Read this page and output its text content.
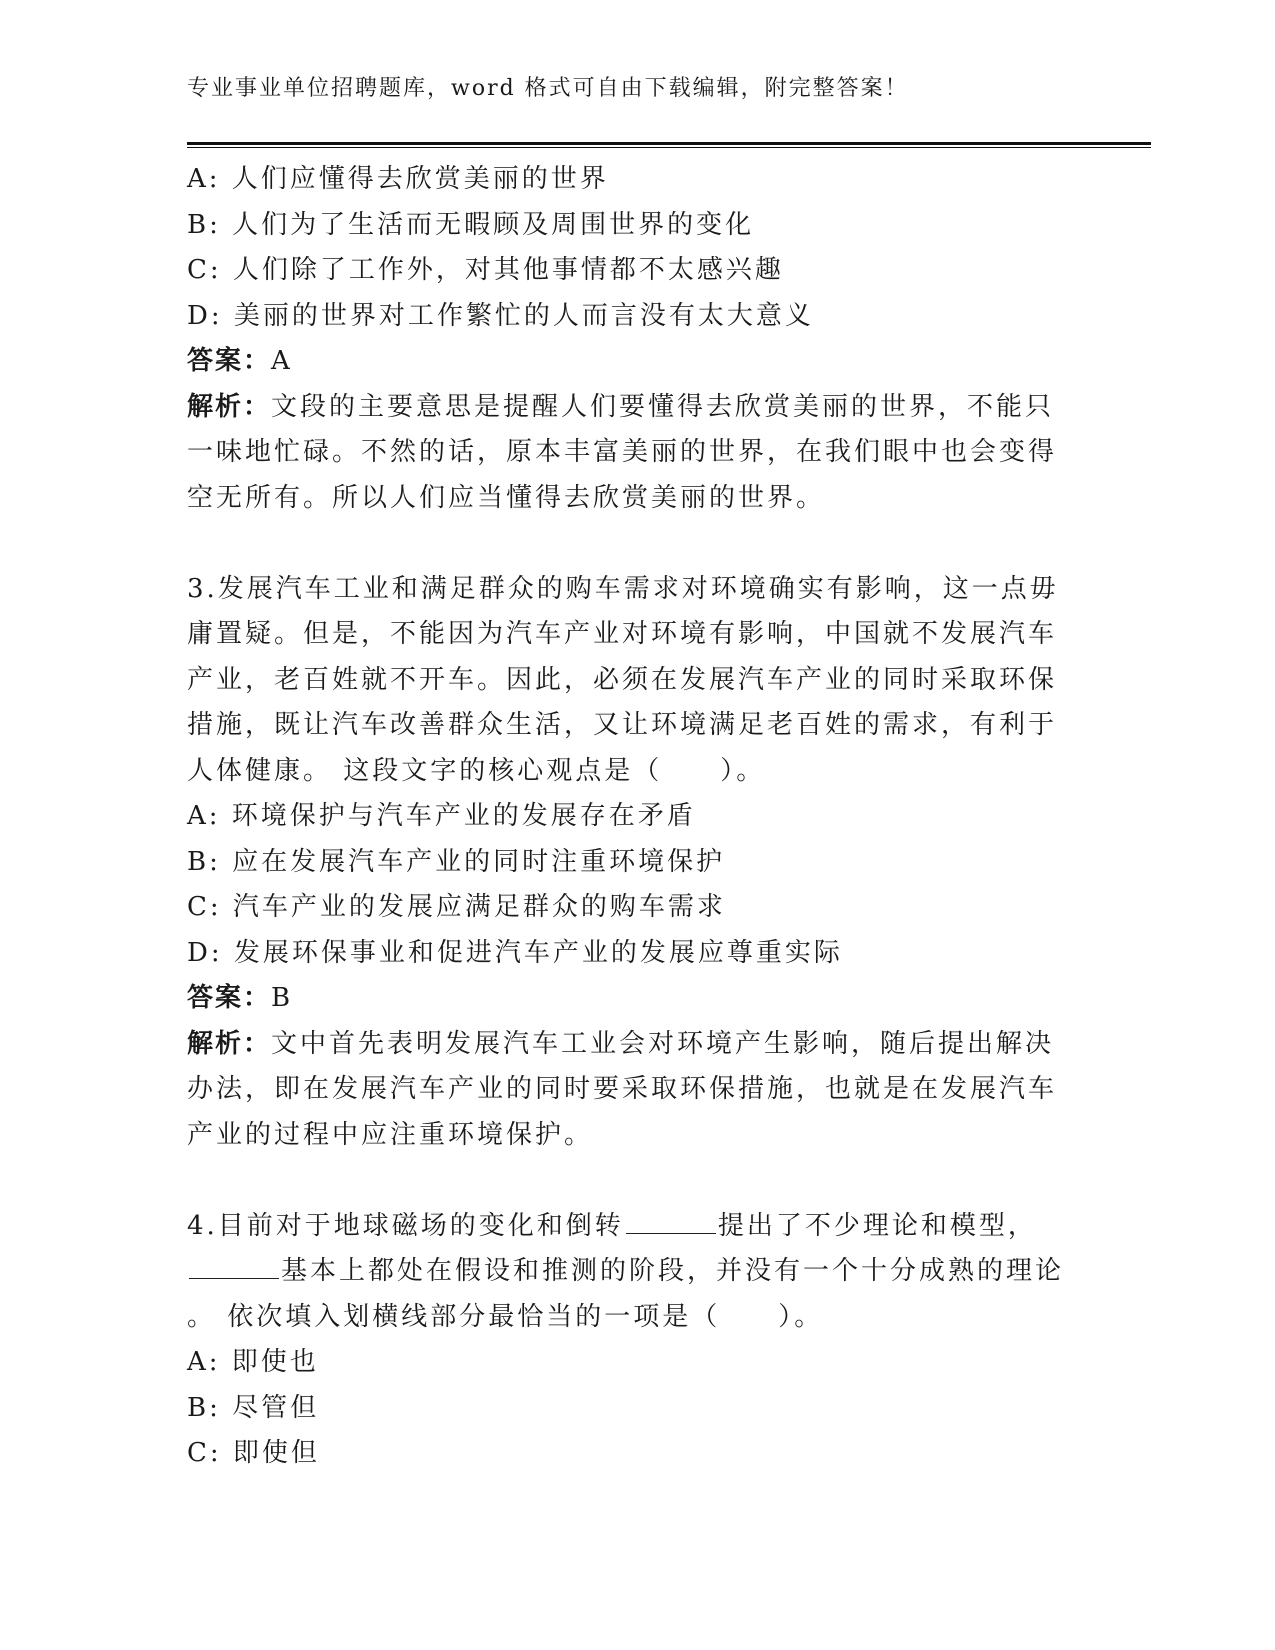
专业事业单位招聘题库，word 格式可自由下载编辑，附完整答案！
A: 人们应懂得去欣赏美丽的世界
B: 人们为了生活而无暇顾及周围世界的变化
C: 人们除了工作外，对其他事情都不太感兴趣
D: 美丽的世界对工作繁忙的人而言没有太大意义
答案：A
解析：文段的主要意思是提醒人们要懂得去欣赏美丽的世界，不能只
一味地忙碌。不然的话，原本丰富美丽的世界，在我们眼中也会变得
空无所有。所以人们应当懂得去欣赏美丽的世界。
3.发展汽车工业和满足群众的购车需求对环境确实有影响，这一点毋
庸置疑。但是，不能因为汽车产业对环境有影响，中国就不发展汽车
产业，老百姓就不开车。因此，必须在发展汽车产业的同时采取环保
措施，既让汽车改善群众生活，又让环境满足老百姓的需求，有利于
人体健康。 这段文字的核心观点是（　　）。
A: 环境保护与汽车产业的发展存在矛盾
B: 应在发展汽车产业的同时注重环境保护
C: 汽车产业的发展应满足群众的购车需求
D: 发展环保事业和促进汽车产业的发展应尊重实际
答案：B
解析：文中首先表明发展汽车工业会对环境产生影响，随后提出解决
办法，即在发展汽车产业的同时要采取环保措施，也就是在发展汽车
产业的过程中应注重环境保护。
4.目前对于地球磁场的变化和倒转	提出了不少理论和模型，
基本上都处在假设和推测的阶段，并没有一个十分成熟的理论
。 依次填入划横线部分最恰当的一项是（　　）。
A: 即使也
B: 尽管但
C: 即使但
